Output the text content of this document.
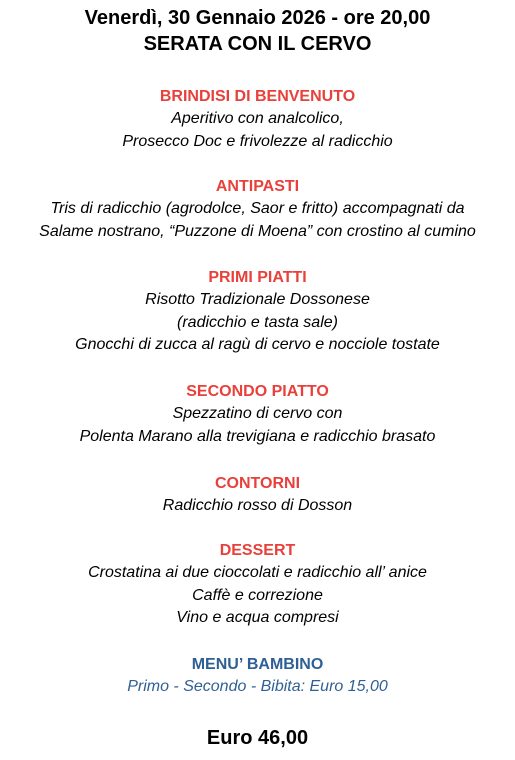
Venerdì, 30 Gennaio 2026 - ore 20,00
SERATA CON IL CERVO
BRINDISI DI BENVENUTO
Aperitivo con analcolico,
Prosecco Doc e frivolezze al radicchio
ANTIPASTI
Tris di radicchio (agrodolce, Saor e fritto) accompagnati da
Salame nostrano, “Puzzone di Moena” con crostino al cumino
PRIMI PIATTI
Risotto Tradizionale Dossonese
(radicchio e tasta sale)
Gnocchi di zucca al ragù di cervo e nocciole tostate
SECONDO PIATTO
Spezzatino di cervo con
Polenta Marano alla trevigiana e radicchio brasato
CONTORNI
Radicchio rosso di Dosson
DESSERT
Crostatina ai due cioccolati e radicchio all’ anice
Caffè e correzione
Vino e acqua compresi
MENU’ BAMBINO
Primo - Secondo - Bibita: Euro 15,00
Euro 46,00
